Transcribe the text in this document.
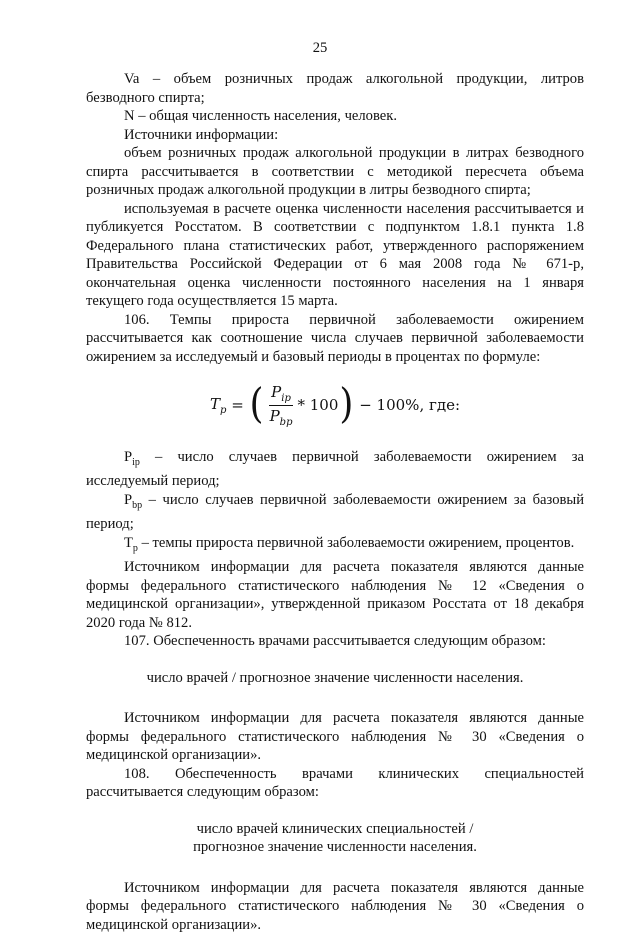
25

Va – объем розничных продаж алкогольной продукции, литров безводного спирта;

N – общая численность населения, человек.

Источники информации:

объем розничных продаж алкогольной продукции в литрах безводного спирта рассчитывается в соответствии с методикой пересчета объема розничных продаж алкогольной продукции в литры безводного спирта;

используемая в расчете оценка численности населения рассчитывается и публикуется Росстатом. В соответствии с подпунктом 1.8.1 пункта 1.8 Федерального плана статистических работ, утвержденного распоряжением Правительства Российской Федерации от 6 мая 2008 года № 671-р, окончательная оценка численности постоянного населения на 1 января текущего года осуществляется 15 марта.

106. Темпы прироста первичной заболеваемости ожирением рассчитывается как соотношение числа случаев первичной заболеваемости ожирением за исследуемый и базовый периоды в процентах по формуле:

$T_p$ = ( $\frac{P_{ip}}{P_{bp}} * 100$ )
− 100%, где:

$P_{ip}$ – число случаев первичной заболеваемости ожирением за исследуемый период;

$P_{bp}$ – число случаев первичной заболеваемости ожирением за базовый период;

$T_p$ – темпы прироста первичной заболеваемости ожирением, процентов.

Источником информации для расчета показателя являются данные формы федерального статистического наблюдения № 12 «Сведения о медицинской организации», утвержденной приказом Росстата от 18 декабря 2020 года № 812.

107. Обеспеченность врачами рассчитывается следующим образом:

число врачей / прогнозное значение численности населения.

Источником информации для расчета показателя являются данные формы федерального статистического наблюдения № 30 «Сведения о медицинской организации».

108. Обеспеченность врачами клинических специальностей рассчитывается следующим образом:

число врачей клинических специальностей /

прогнозное значение численности населения.

Источником информации для расчета показателя являются данные формы федерального статистического наблюдения № 30 «Сведения о медицинской организации».
